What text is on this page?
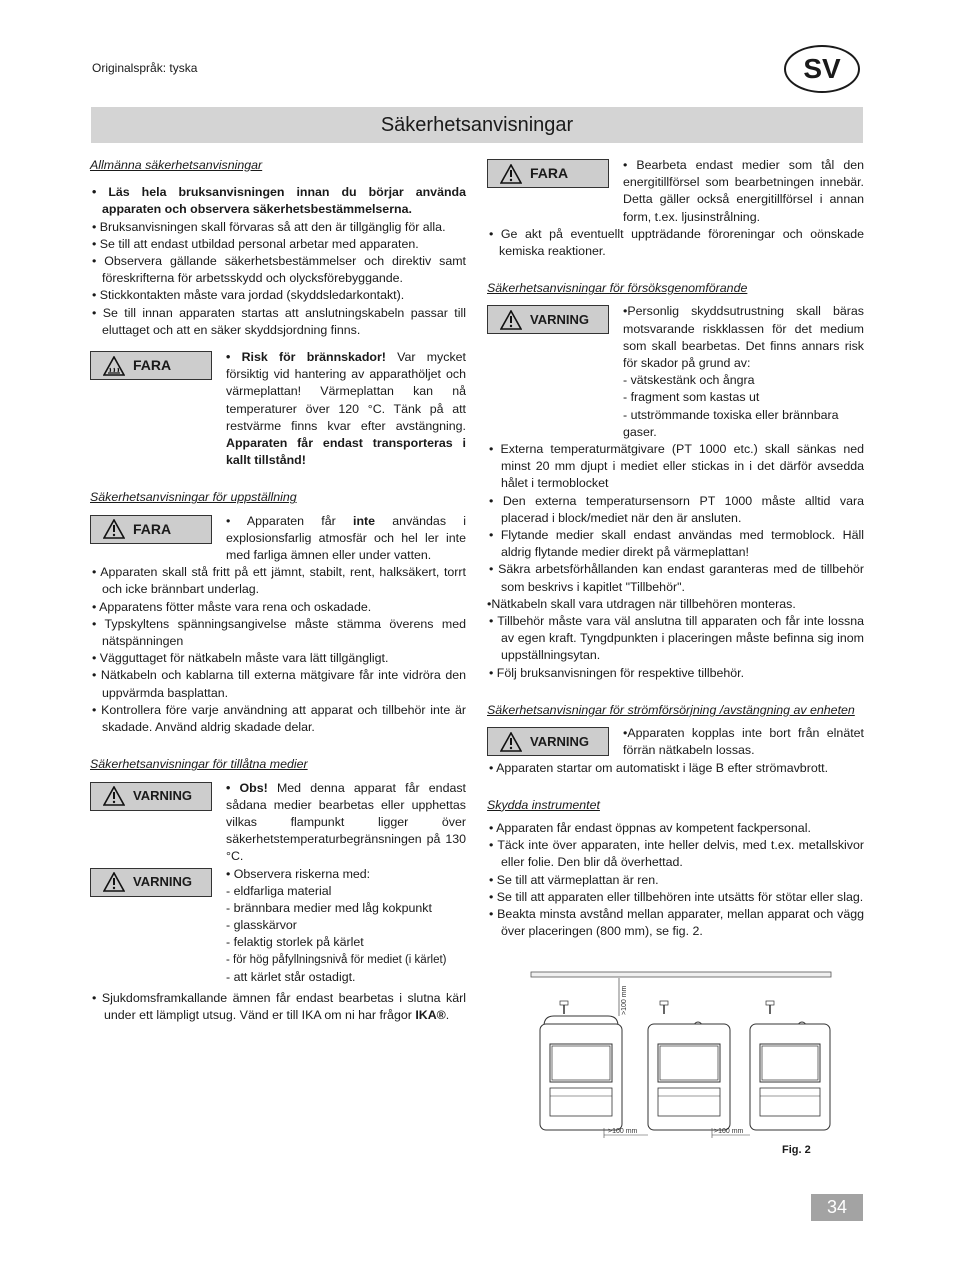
Originalspråk: tyska	SV
Säkerhetsanvisningar

Allmänna säkerhetsanvisningar

• Läs hela bruksanvisningen innan du börjar använda apparaten och observera säkerhetsbestämmelserna.

• Bruksanvisningen skall förvaras så att den är tillgänglig för alla.

• Se till att endast utbildad personal arbetar med apparaten.

• Observera gällande säkerhetsbestämmelser och direktiv samt föreskrifterna för arbetsskydd och olycksförebyggande.

• Stickkontakten måste vara jordad (skyddsledarkontakt).

• Se till innan apparaten startas att anslutningskabeln passar till eluttaget och att en säker skyddsjordning finns.

FARA	• Risk för brännskador! Var mycket försiktig vid hantering av apparathöljet och värmeplattan! Värmeplattan kan nå temperaturer över 120 °C. Tänk på att restvärme finns kvar efter avstängning. Apparaten får endast transporteras i kallt tillstånd!

Säkerhetsanvisningar för uppställning

FARA	• Apparaten får inte användas i explosionsfarlig atmosfär och hel ler inte med farliga ämnen eller under vatten.

• Apparaten skall stå fritt på ett jämnt, stabilt, rent, halksäkert, torrt och icke brännbart underlag.

• Apparatens fötter måste vara rena och oskadade.

• Typskyltens spänningsangivelse måste stämma överens med nätspänningen

• Vägguttaget för nätkabeln måste vara lätt tillgängligt.

• Nätkabeln och kablarna till externa mätgivare får inte vidröra den uppvärmda basplattan.

• Kontrollera före varje användning att apparat och tillbehör inte är skadade. Använd aldrig skadade delar.

Säkerhetsanvisningar för tillåtna medier

VARNING
• Obs! Med denna apparat får endast sådana medier bearbetas eller upphettas vilkas flampunkt ligger över säkerhetstemperaturbegränsningen på 130 °C.
VARNING
• Observera riskerna med:
- eldfarliga material
- brännbara medier med låg kokpunkt
- glasskärvor
- felaktig storlek på kärlet
- för hög påfyllningsnivå för mediet (i kärlet)
- att kärlet står ostadigt.

• Sjukdomsframkallande ämnen får endast bearbetas i slutna kärl under ett lämpligt utsug. Vänd er till IKA om ni har frågor IKA®.

FARA	• Bearbeta endast medier som tål den energitillförsel som bearbetningen innebär. Detta gäller också energitillförsel i annan form, t.ex. ljusinstrålning.

• Ge akt på eventuellt uppträdande föroreningar och oönskade kemiska reaktioner.

Säkerhetsanvisningar för försöksgenomförande

VARNING
•Personlig skyddsutrustning skall bäras motsvarande riskklassen för det medium som skall bearbetas. Det finns annars risk för skador på grund av:
- vätskestänk och ångra
- fragment som kastas ut
- utströmmande toxiska eller brännbara gaser.

• Externa temperaturmätgivare (PT 1000 etc.) skall sänkas ned minst 20 mm djupt i mediet eller stickas in i det därför avsedda hålet i termoblocket

• Den externa temperatursensorn PT 1000 måste alltid vara placerad i block/mediet när den är ansluten.

• Flytande medier skall endast användas med termoblock. Häll aldrig flytande medier direkt på värmeplattan!

• Säkra arbetsförhållanden kan endast garanteras med de tillbehör som beskrivs i kapitlet "Tillbehör".

•Nätkabeln skall vara utdragen när tillbehören monteras.

• Tillbehör måste vara väl anslutna till apparaten och får inte lossna av egen kraft. Tyngdpunkten i placeringen måste befinna sig inom uppställningsytan.

• Följ bruksanvisningen för respektive tillbehör.

Säkerhetsanvisningar för strömförsörjning /avstängning av enheten

VARNING
•Apparaten kopplas inte bort från elnätet förrän nätkabeln lossas.

• Apparaten startar om automatiskt i läge B efter strömavbrott.

Skydda instrumentet

• Apparaten får endast öppnas av kompetent fackpersonal.

• Täck inte över apparaten, inte heller delvis, med t.ex. metallskivor eller folie. Den blir då överhettad.

• Se till att värmeplattan är ren.

• Se till att apparaten eller tillbehören inte utsätts för stötar eller slag.

• Beakta minsta avstånd mellan apparater, mellan apparat och vägg över placeringen (800 mm), se fig. 2.

>100 mm
>100 mm	>100 mm
Fig. 2
34
